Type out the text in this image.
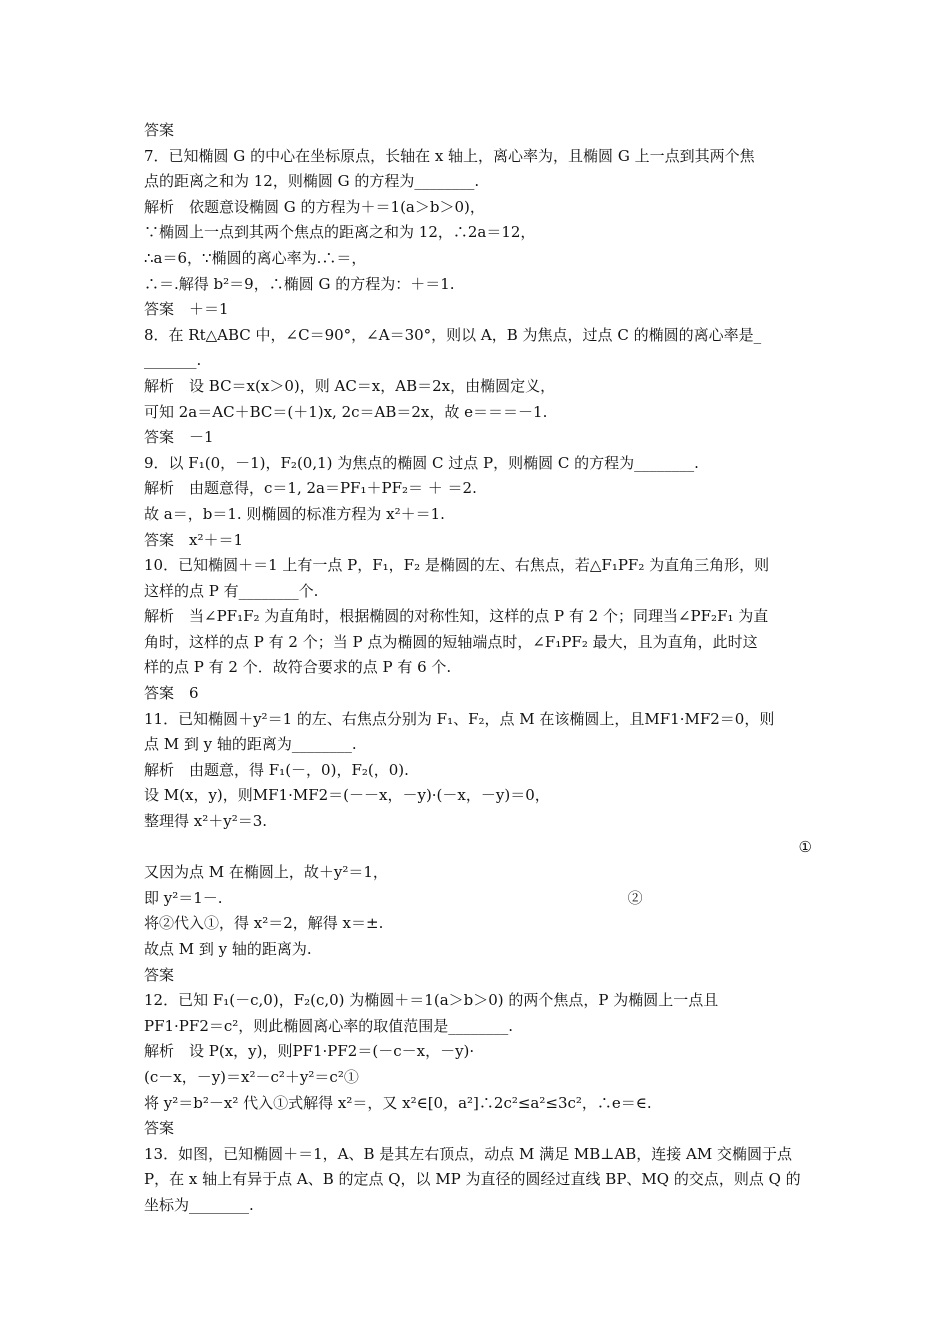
答案
7．已知椭圆 G 的中心在坐标原点，长轴在 x 轴上，离心率为，且椭圆 G 上一点到其两个焦
点的距离之和为 12，则椭圆 G 的方程为________.
解析　依题意设椭圆 G 的方程为＋＝1(a＞b＞0)，
∵椭圆上一点到其两个焦点的距离之和为 12，∴2a＝12，
∴a＝6，∵椭圆的离心率为.∴＝，
∴＝.解得 b²＝9，∴椭圆 G 的方程为：＋＝1.
答案　＋＝1
8．在 Rt△ABC 中，∠C＝90°，∠A＝30°，则以 A，B 为焦点，过点 C 的椭圆的离心率是_
_______.
解析　设 BC＝x(x＞0)，则 AC＝x，AB＝2x，由椭圆定义，
可知 2a＝AC＋BC＝(＋1)x, 2c＝AB＝2x，故 e＝＝＝－1.
答案　－1
9．以 F₁(0，－1)，F₂(0,1) 为焦点的椭圆 C 过点 P，则椭圆 C 的方程为________.
解析　由题意得，c＝1, 2a＝PF₁＋PF₂＝ ＋ ＝2.
故 a＝，b＝1. 则椭圆的标准方程为 x²＋＝1.
答案　x²＋＝1
10．已知椭圆＋＝1 上有一点 P，F₁，F₂ 是椭圆的左、右焦点，若△F₁PF₂ 为直角三角形，则
这样的点 P 有________个.
解析　当∠PF₁F₂ 为直角时，根据椭圆的对称性知，这样的点 P 有 2 个；同理当∠PF₂F₁ 为直
角时，这样的点 P 有 2 个；当 P 点为椭圆的短轴端点时，∠F₁PF₂ 最大，且为直角，此时这
样的点 P 有 2 个．故符合要求的点 P 有 6 个.
答案　6
11．已知椭圆＋y²＝1 的左、右焦点分别为 F₁、F₂，点 M 在该椭圆上，且MF1·MF2＝0，则
点 M 到 y 轴的距离为________.
解析　由题意，得 F₁(－，0)，F₂(，0).
设 M(x，y)，则MF1·MF2＝(－－x，－y)·(－x，－y)＝0，
整理得 x²＋y²＝3.
①
又因为点 M 在椭圆上，故＋y²＝1，
即 y²＝1－.　　　　　　　　　　　　　　　　　　　　　　　　　　　②
将②代入①，得 x²＝2，解得 x＝±.
故点 M 到 y 轴的距离为.
答案
12．已知 F₁(－c,0)，F₂(c,0) 为椭圆＋＝1(a＞b＞0) 的两个焦点，P 为椭圆上一点且
PF1·PF2＝c²，则此椭圆离心率的取值范围是________.
解析　设 P(x，y)，则PF1·PF2＝(－c－x，－y)·
(c－x，－y)＝x²－c²＋y²＝c²①
将 y²＝b²－x² 代入①式解得 x²＝，又 x²∈[0，a²]∴2c²≤a²≤3c²，∴e＝∈.
答案
13．如图，已知椭圆＋＝1，A、B 是其左右顶点，动点 M 满足 MB⊥AB，连接 AM 交椭圆于点
P，在 x 轴上有异于点 A、B 的定点 Q，以 MP 为直径的圆经过直线 BP、MQ 的交点，则点 Q 的
坐标为________.
